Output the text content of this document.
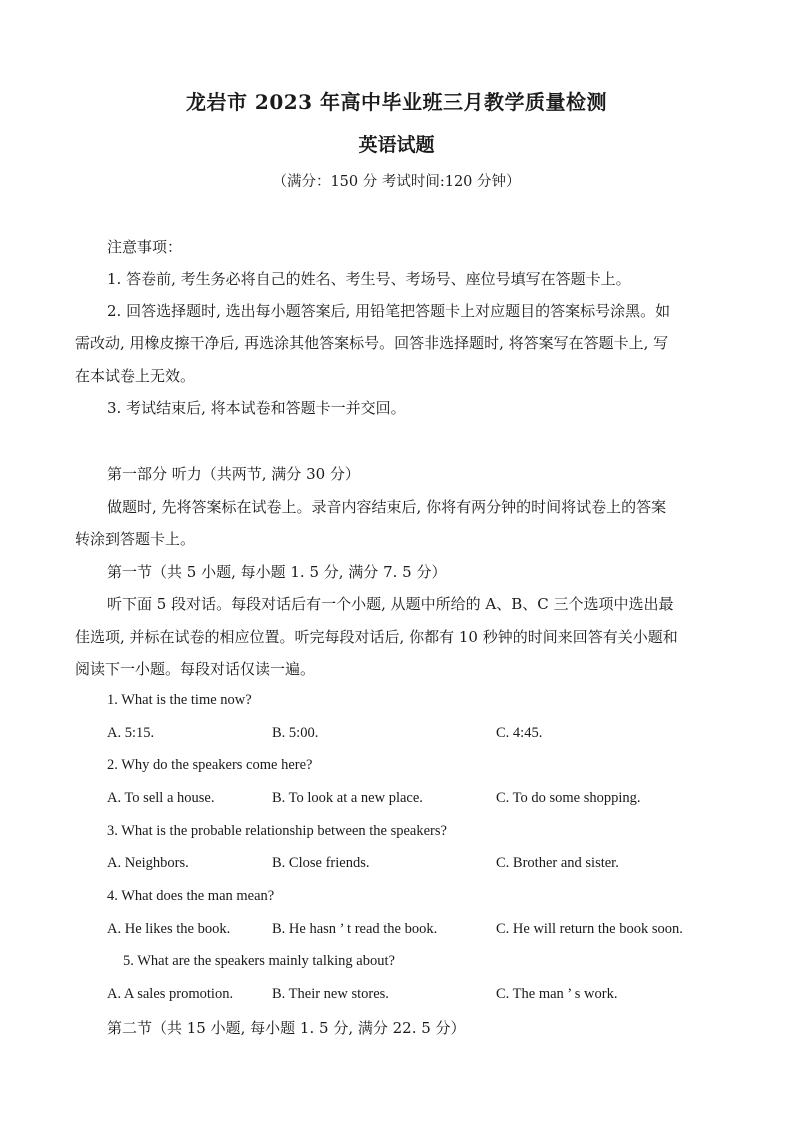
龙岩市 2023 年高中毕业班三月教学质量检测
英语试题
（满分：150 分 考试时间:120 分钟）
注意事项：
1. 答卷前, 考生务必将自己的姓名、考生号、考场号、座位号填写在答题卡上。
2. 回答选择题时, 选出每小题答案后, 用铅笔把答题卡上对应题目的答案标号涂黑。如
需改动, 用橡皮擦干净后, 再选涂其他答案标号。回答非选择题时, 将答案写在答题卡上, 写
在本试卷上无效。
3. 考试结束后, 将本试卷和答题卡一并交回。
第一部分 听力（共两节, 满分 30 分）
做题时, 先将答案标在试卷上。录音内容结束后, 你将有两分钟的时间将试卷上的答案
转涂到答题卡上。
第一节（共 5 小题, 每小题 1. 5 分, 满分 7. 5 分）
听下面 5 段对话。每段对话后有一个小题, 从题中所给的 A、B、C 三个选项中选出最
佳选项, 并标在试卷的相应位置。听完每段对话后, 你都有 10 秒钟的时间来回答有关小题和
阅读下一小题。每段对话仅读一遍。
1. What is the time now?
A. 5:15.	B. 5:00.	C. 4:45.
2. Why do the speakers come here?
A. To sell a house.	B. To look at a new place.	C. To do some shopping.
3. What is the probable relationship between the speakers?
A. Neighbors.	B. Close friends.	C. Brother and sister.
4. What does the man mean?
A. He likes the book.	B. He hasn ’ t read the book.	C. He will return the book soon.
5. What are the speakers mainly talking about?
A. A sales promotion.	B. Their new stores.	C. The man ’ s work.
第二节（共 15 小题, 每小题 1. 5 分, 满分 22. 5 分）
